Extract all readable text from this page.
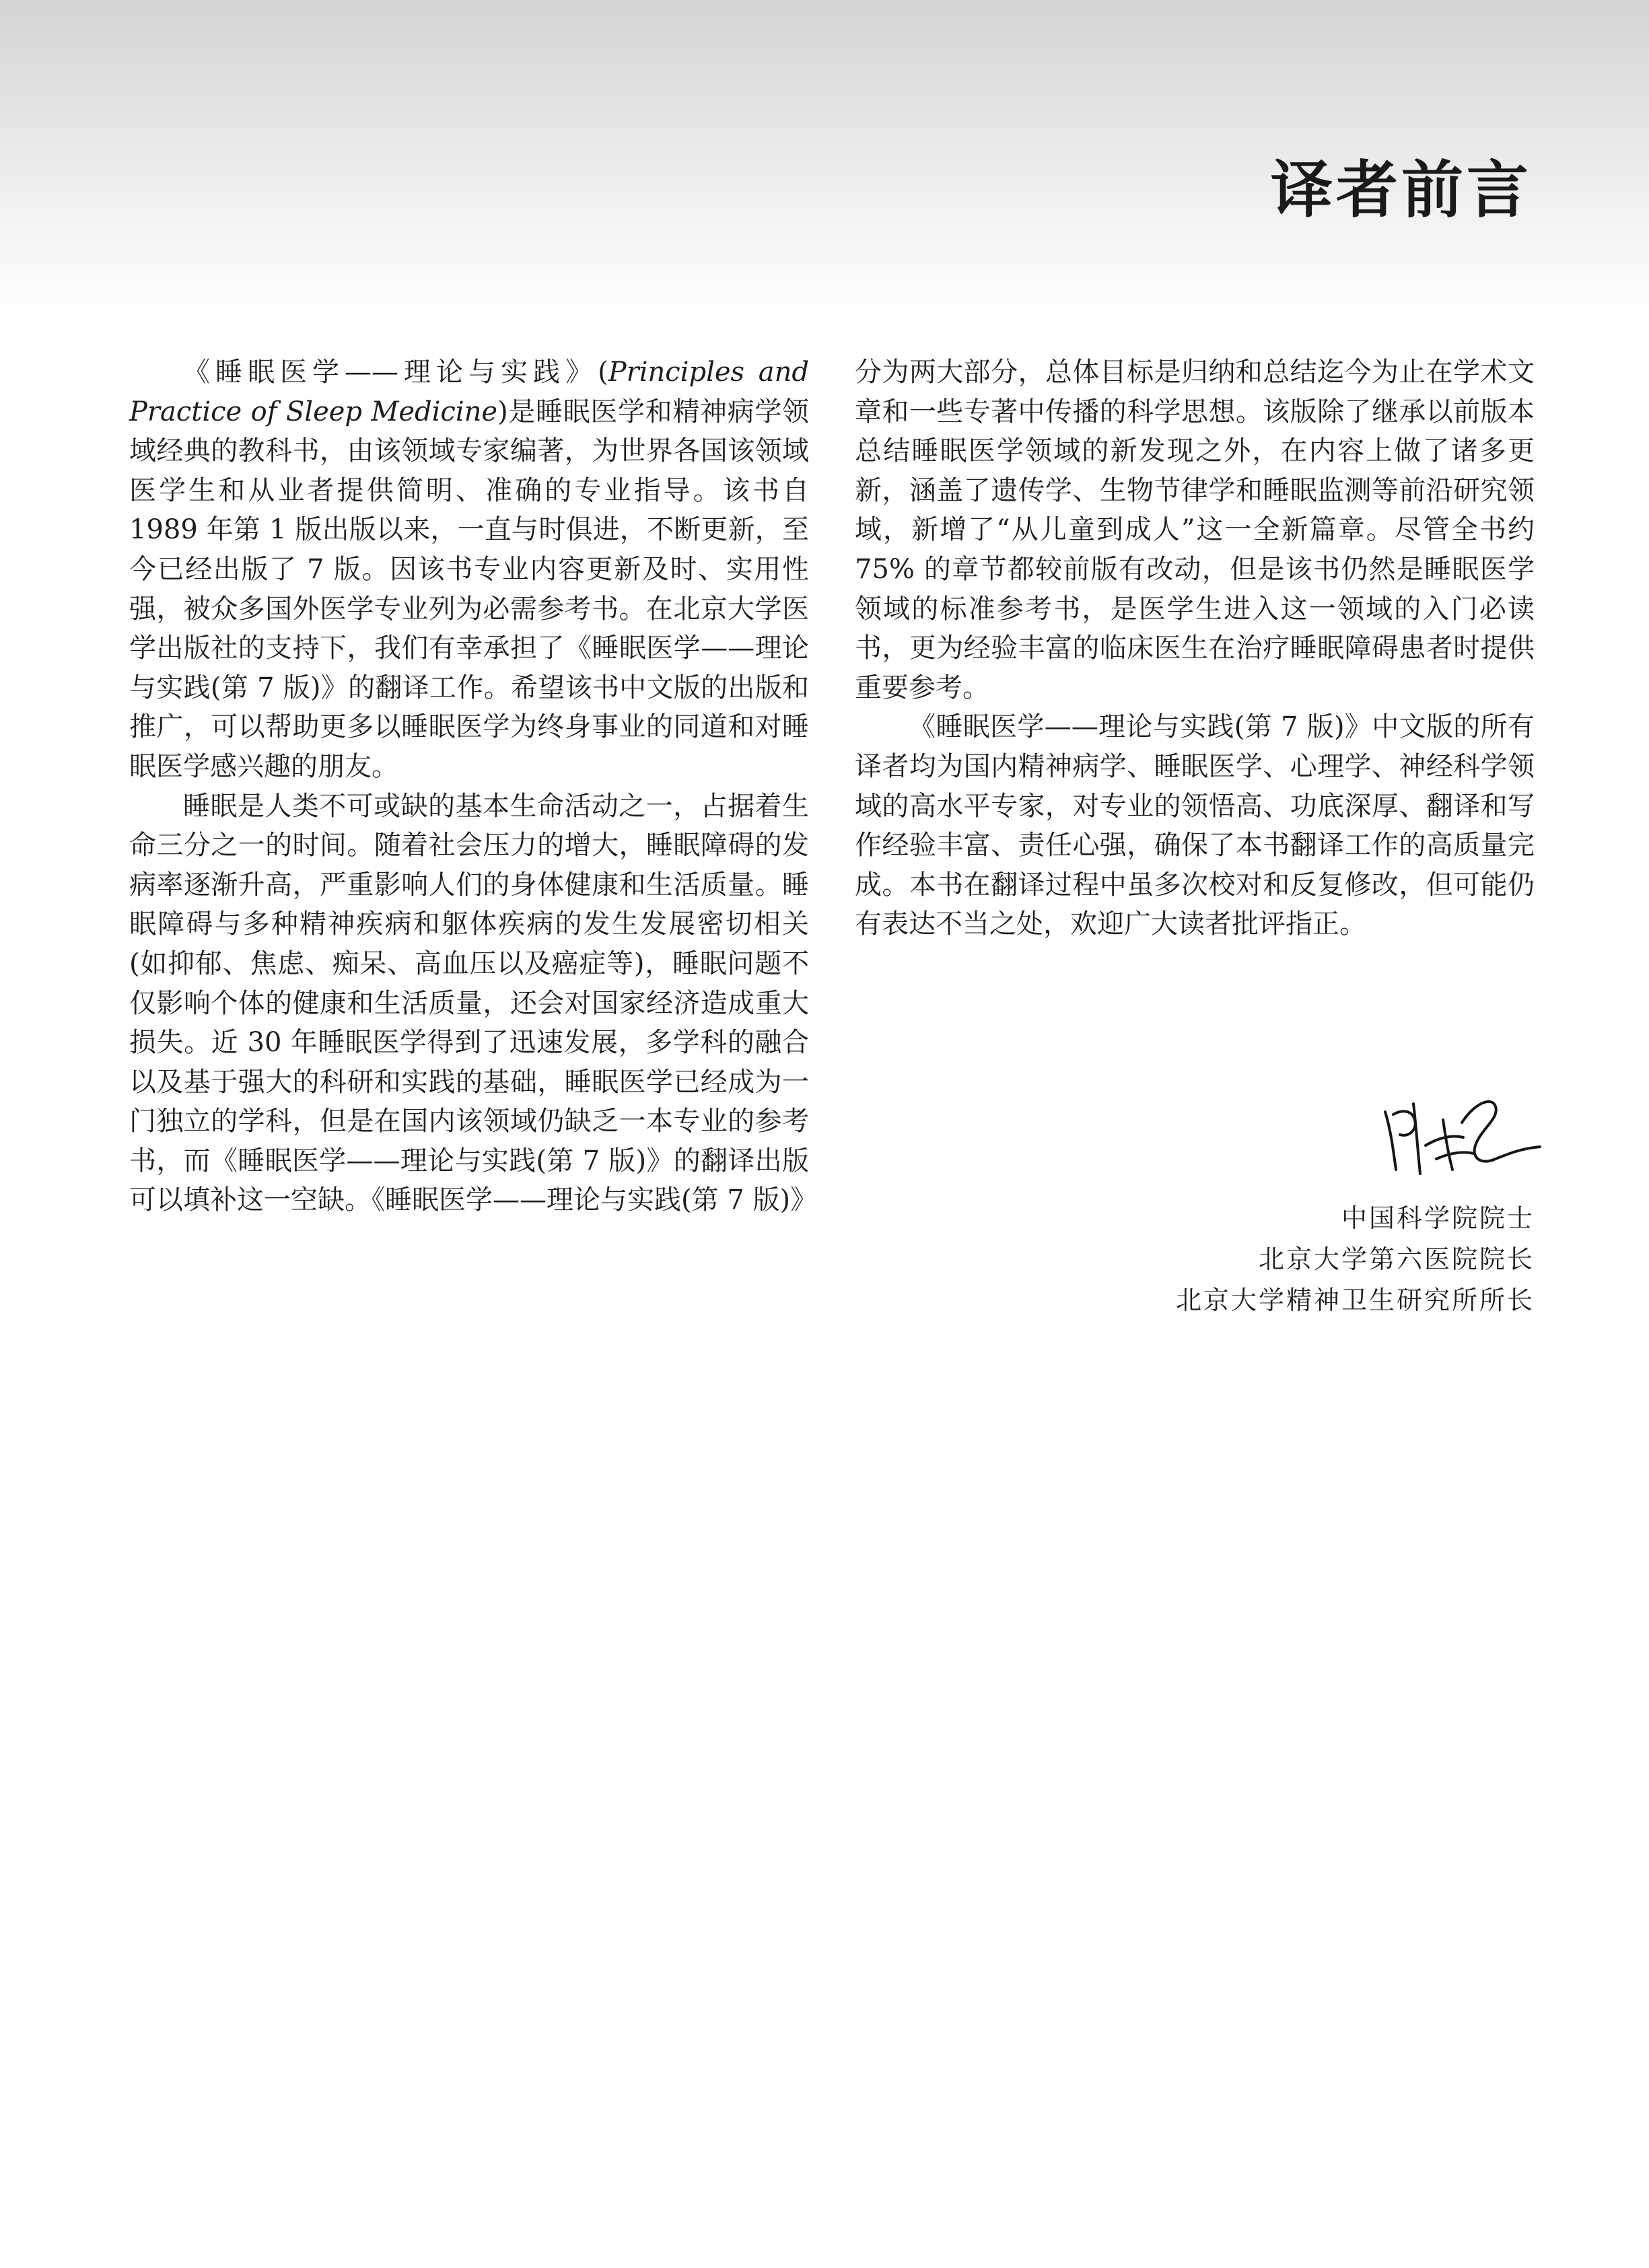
译者前言

《睡眠医学——理论与实践》(Principles and Practice of Sleep Medicine)是睡眠医学和精神病学领域经典的教科书，由该领域专家编著，为世界各国该领域医学生和从业者提供简明、准确的专业指导。该书自1989 年第 1 版出版以来，一直与时俱进，不断更新，至今已经出版了 7 版。因该书专业内容更新及时、实用性强，被众多国外医学专业列为必需参考书。在北京大学医学出版社的支持下，我们有幸承担了《睡眠医学——理论与实践(第 7 版)》的翻译工作。希望该书中文版的出版和推广，可以帮助更多以睡眠医学为终身事业的同道和对睡眠医学感兴趣的朋友。

睡眠是人类不可或缺的基本生命活动之一，占据着生命三分之一的时间。随着社会压力的增大，睡眠障碍的发病率逐渐升高，严重影响人们的身体健康和生活质量。睡眠障碍与多种精神疾病和躯体疾病的发生发展密切相关(如抑郁、焦虑、痴呆、高血压以及癌症等)，睡眠问题不仅影响个体的健康和生活质量，还会对国家经济造成重大损失。近 30 年睡眠医学得到了迅速发展，多学科的融合以及基于强大的科研和实践的基础，睡眠医学已经成为一门独立的学科，但是在国内该领域仍缺乏一本专业的参考书，而《睡眠医学——理论与实践(第 7 版)》的翻译出版可以填补这一空缺。《睡眠医学——理论与实践(第 7 版)》

分为两大部分，总体目标是归纳和总结迄今为止在学术文章和一些专著中传播的科学思想。该版除了继承以前版本总结睡眠医学领域的新发现之外，在内容上做了诸多更新，涵盖了遗传学、生物节律学和睡眠监测等前沿研究领域，新增了“从儿童到成人”这一全新篇章。尽管全书约 75% 的章节都较前版有改动，但是该书仍然是睡眠医学领域的标准参考书，是医学生进入这一领域的入门必读书，更为经验丰富的临床医生在治疗睡眠障碍患者时提供重要参考。

《睡眠医学——理论与实践(第 7 版)》中文版的所有译者均为国内精神病学、睡眠医学、心理学、神经科学领域的高水平专家，对专业的领悟高、功底深厚、翻译和写作经验丰富、责任心强，确保了本书翻译工作的高质量完成。本书在翻译过程中虽多次校对和反复修改，但可能仍有表达不当之处，欢迎广大读者批评指正。

中国科学院院士
北京大学第六医院院长
北京大学精神卫生研究所所长
